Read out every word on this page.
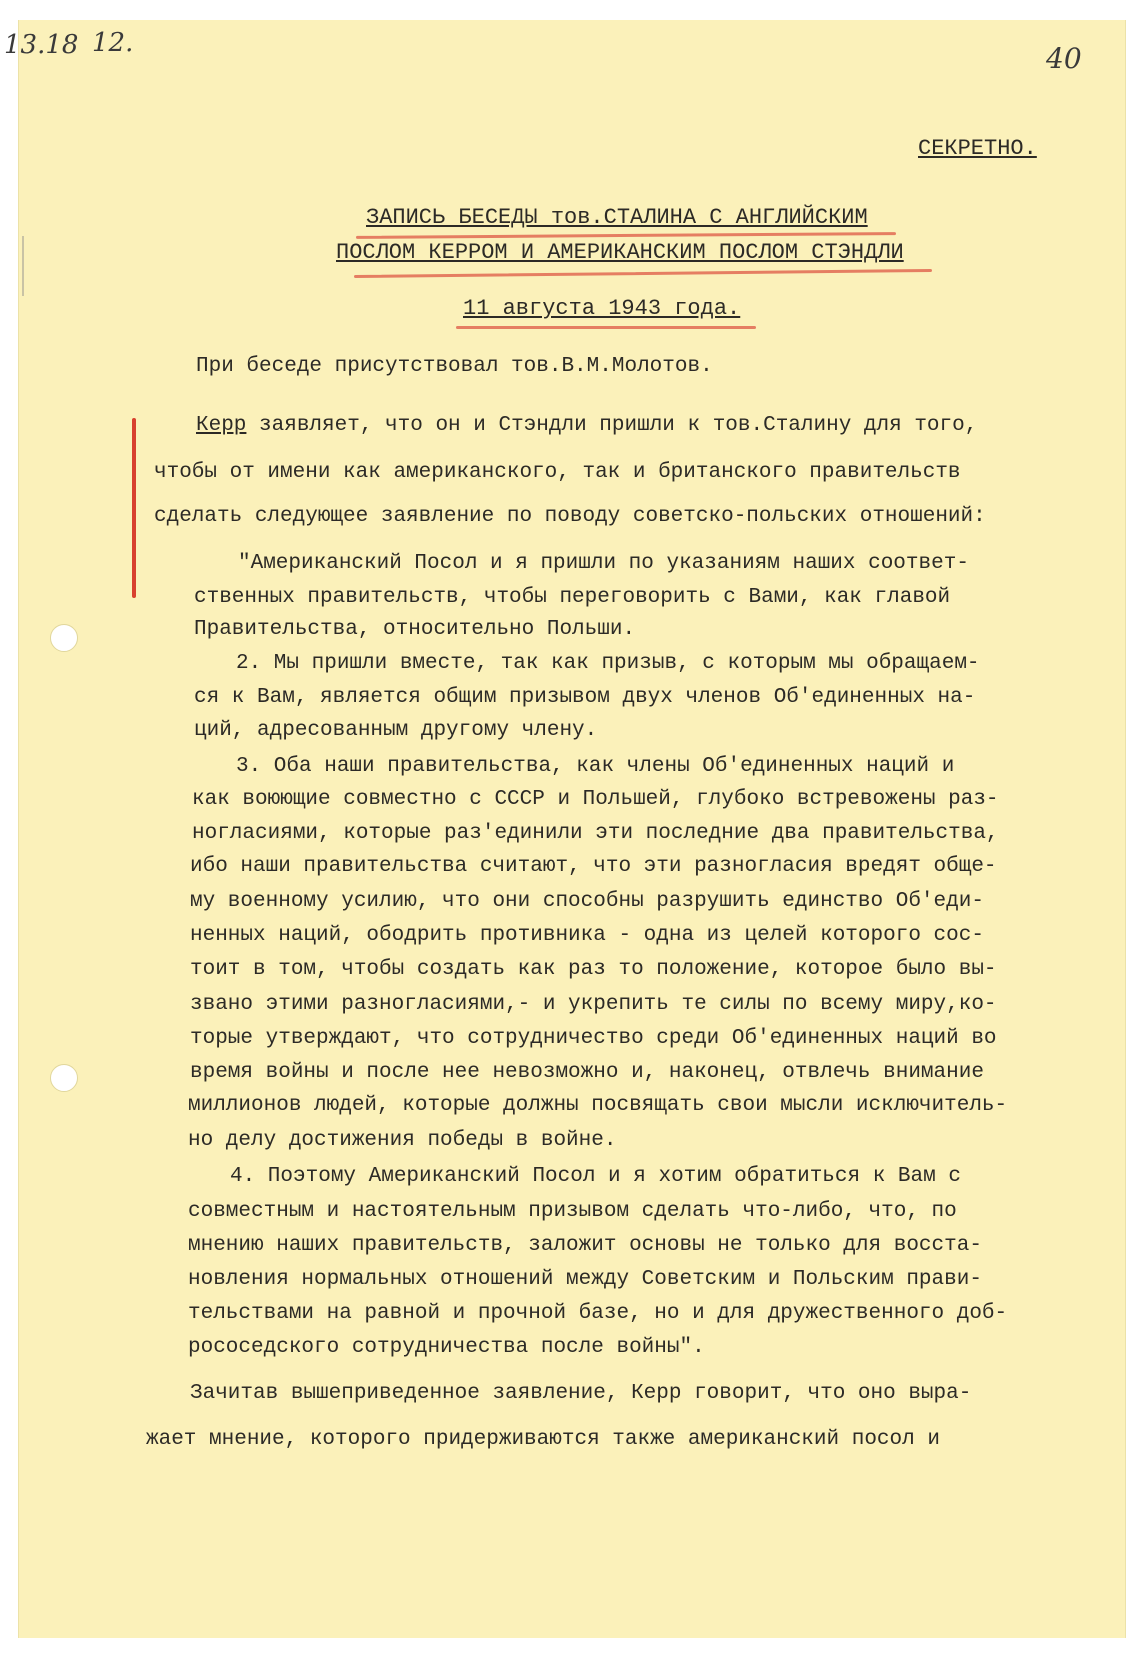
13.18 12.	40
СЕКРЕТНО.
ЗАПИСЬ БЕСЕДЫ тов.СТАЛИНА С АНГЛИЙСКИМ
ПОСЛОМ КЕРРОМ И АМЕРИКАНСКИМ ПОСЛОМ СТЭНДЛИ
11 августа 1943 года.
При беседе присутствовал тов.В.М.Молотов.
Керр заявляет, что он и Стэндли пришли к тов.Сталину для того,
чтобы от имени как американского, так и британского правительств
сделать следующее заявление по поводу советско-польских отношений:
"Американский Посол и я пришли по указаниям наших соответ-
ственных правительств, чтобы переговорить с Вами, как главой
Правительства, относительно Польши.
2. Мы пришли вместе, так как призыв, с которым мы обращаем-
ся к Вам, является общим призывом двух членов Об'единенных на-
ций, адресованным другому члену.
3. Оба наши правительства, как члены Об'единенных наций и
как воюющие совместно с СССР и Польшей, глубоко встревожены раз-
ногласиями, которые раз'единили эти последние два правительства,
ибо наши правительства считают, что эти разногласия вредят обще-
му военному усилию, что они способны разрушить единство Об'еди-
ненных наций, ободрить противника - одна из целей которого сос-
тоит в том, чтобы создать как раз то положение, которое было вы-
звано этими разногласиями,- и укрепить те силы по всему миру,ко-
торые утверждают, что сотрудничество среди Об'единенных наций во
время войны и после нее невозможно и, наконец, отвлечь внимание
миллионов людей, которые должны посвящать свои мысли исключитель-
но делу достижения победы в войне.
4. Поэтому Американский Посол и я хотим обратиться к Вам с
совместным и настоятельным призывом сделать что-либо, что, по
мнению наших правительств, заложит основы не только для восста-
новления нормальных отношений между Советским и Польским прави-
тельствами на равной и прочной базе, но и для дружественного доб-
рососедского сотрудничества после войны".
Зачитав вышеприведенное заявление, Керр говорит, что оно выра-
жает мнение, которого придерживаются также американский посол и
